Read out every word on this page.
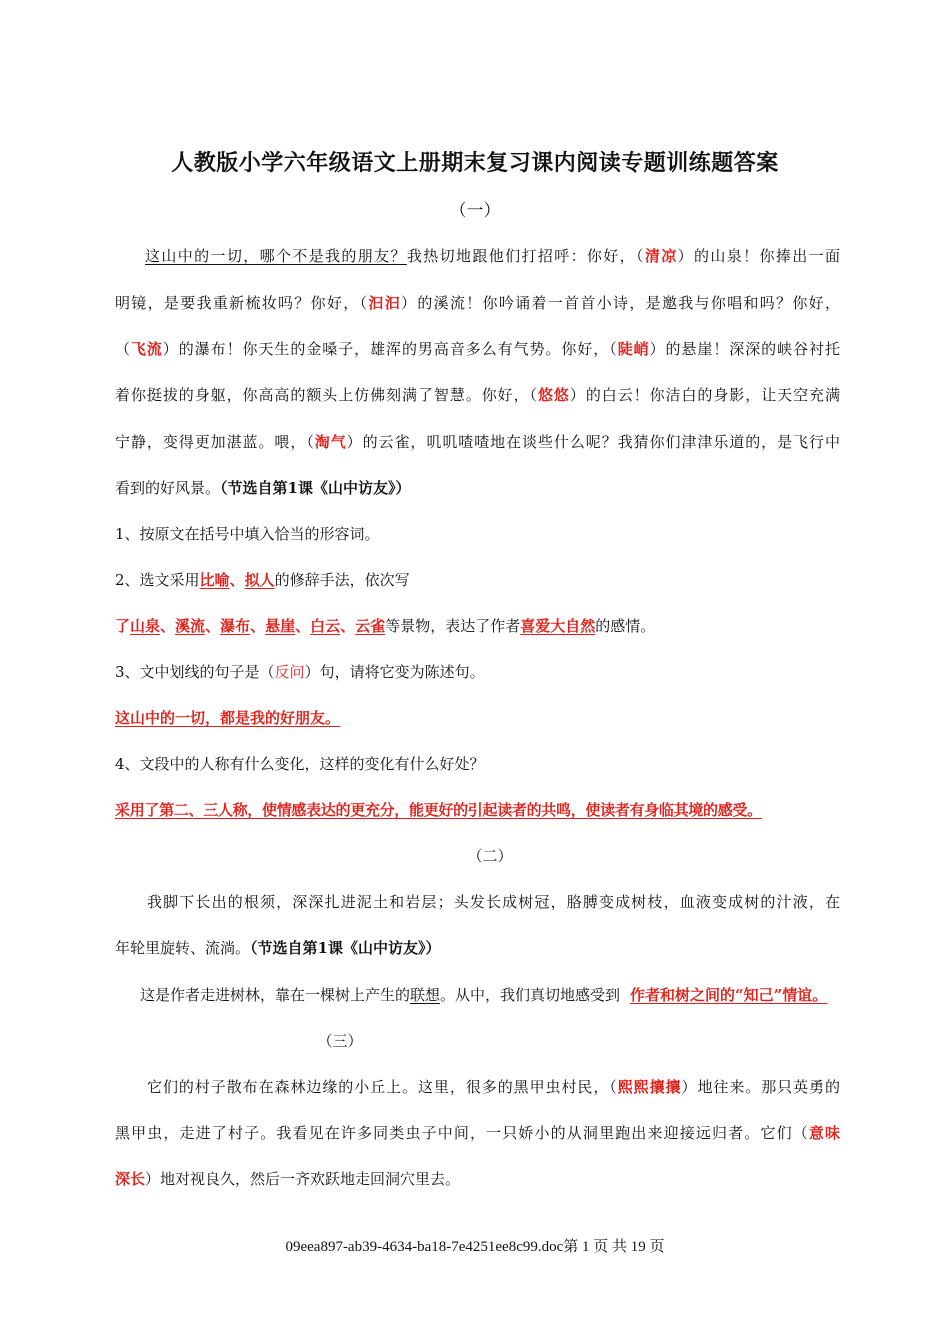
人教版小学六年级语文上册期末复习课内阅读专题训练题答案
（一）
这山中的一切，哪个不是我的朋友？我热切地跟他们打招呼：你好，（清凉）的山泉！你捧出一面
明镜，是要我重新梳妆吗？你好，（汩汩）的溪流！你吟诵着一首首小诗，是邀我与你唱和吗？你好，
（飞流）的瀑布！你天生的金嗓子，雄浑的男高音多么有气势。你好，（陡峭）的悬崖！深深的峡谷衬托
着你挺拔的身躯，你高高的额头上仿佛刻满了智慧。你好，（悠悠）的白云！你洁白的身影，让天空充满
宁静，变得更加湛蓝。喂，（淘气）的云雀，叽叽喳喳地在谈些什么呢？我猜你们津津乐道的，是飞行中
看到的好风景。（节选自第1课《山中访友》）
1、按原文在括号中填入恰当的形容词。
2、选文采用比喻、拟人的修辞手法，依次写
了山泉、溪流、瀑布、悬崖、白云、云雀等景物，表达了作者喜爱大自然的感情。
3、文中划线的句子是（反问）句，请将它变为陈述句。
这山中的一切，都是我的好朋友。
4、文段中的人称有什么变化，这样的变化有什么好处？
采用了第二、三人称，使情感表达的更充分，能更好的引起读者的共鸣，使读者有身临其境的感受。
（二）
我脚下长出的根须，深深扎进泥土和岩层；头发长成树冠，胳膊变成树枝，血液变成树的汁液，在
年轮里旋转、流淌。（节选自第1课《山中访友》）
这是作者走进树林，靠在一棵树上产生的联想。从中，我们真切地感受到 作者和树之间的“知己”情谊。
（三）
它们的村子散布在森林边缘的小丘上。这里，很多的黑甲虫村民，（熙熙攘攘）地往来。那只英勇的
黑甲虫，走进了村子。我看见在许多同类虫子中间，一只娇小的从洞里跑出来迎接远归者。它们（意味
深长）地对视良久，然后一齐欢跃地走回洞穴里去。
09eea897-ab39-4634-ba18-7e4251ee8c99.doc第 1 页 共 19 页
